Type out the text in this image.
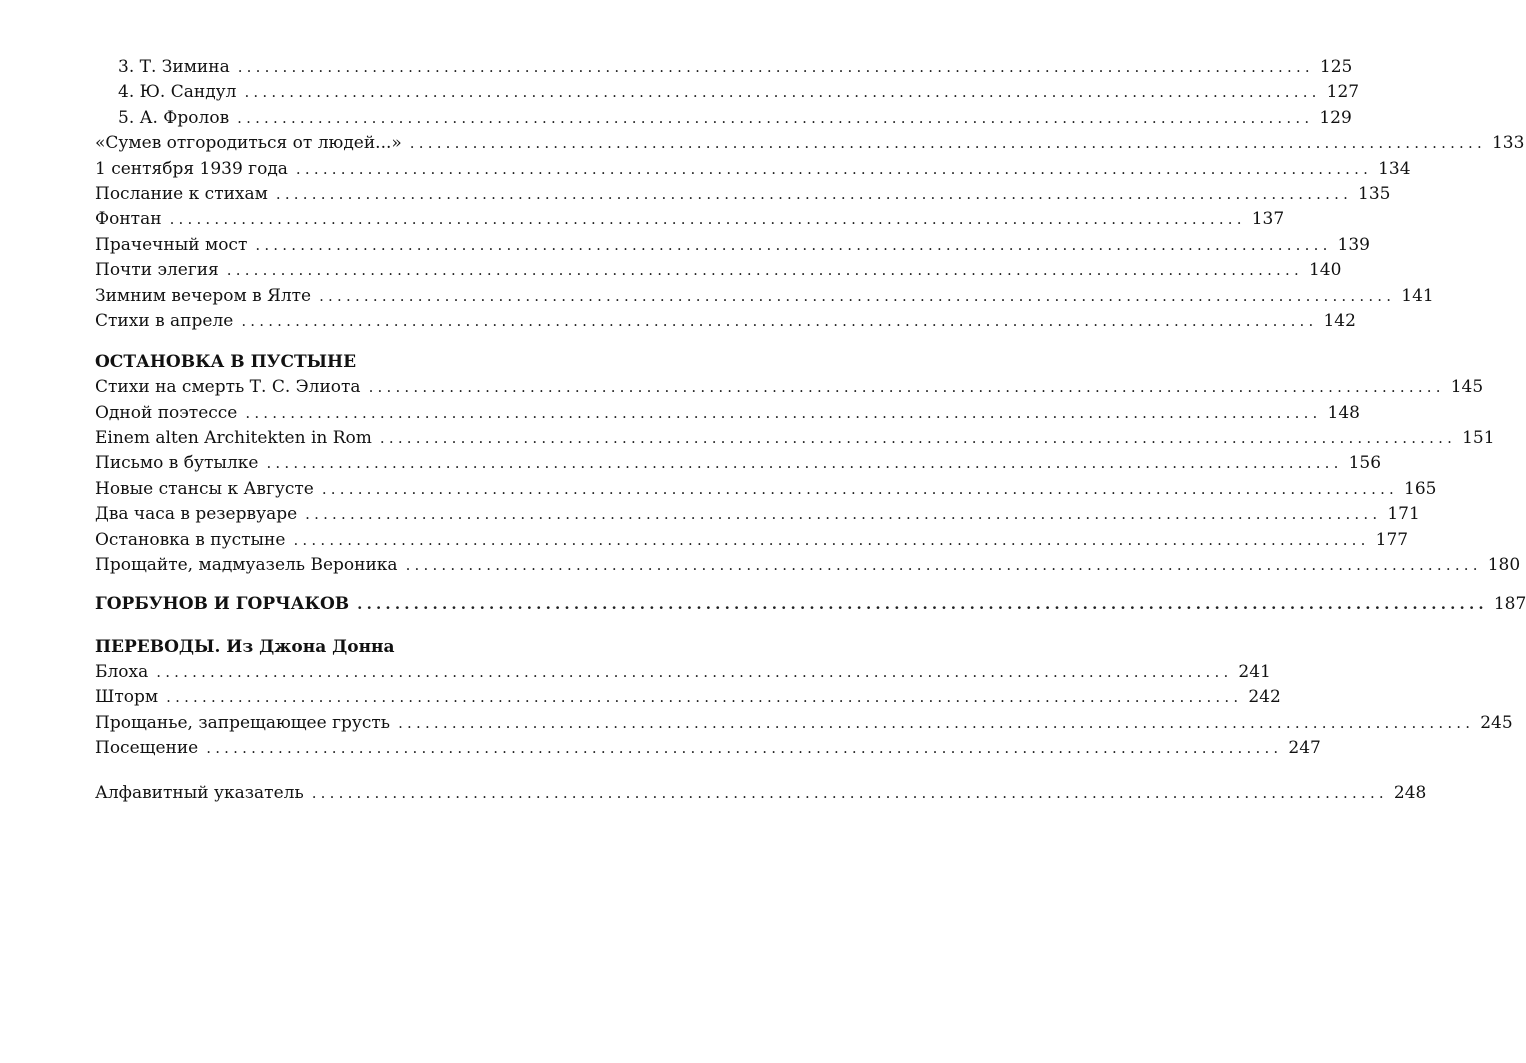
3. Т. Зимина ........................................................................................................................ 125
4. Ю. Сандул ........................................................................................................................ 127
5. А. Фролов ........................................................................................................................ 129
«Сумев отгородиться от людей...» ........................................................................................................................ 133
1 сентября 1939 года ........................................................................................................................ 134
Послание к стихам ........................................................................................................................ 135
Фонтан ........................................................................................................................ 137
Прачечный мост ........................................................................................................................ 139
Почти элегия ........................................................................................................................ 140
Зимним вечером в Ялте ........................................................................................................................ 141
Стихи в апреле ........................................................................................................................ 142
ОСТАНОВКА В ПУСТЫНЕ
Стихи на смерть Т. С. Элиота ........................................................................................................................ 145
Одной поэтессе ........................................................................................................................ 148
Einem alten Architekten in Rom ........................................................................................................................ 151
Письмо в бутылке ........................................................................................................................ 156
Новые стансы к Августе ........................................................................................................................ 165
Два часа в резервуаре ........................................................................................................................ 171
Остановка в пустыне ........................................................................................................................ 177
Прощайте, мадмуазель Вероника ........................................................................................................................ 180
ГОРБУНОВ И ГОРЧАКОВ ........................................................................................................................ 187
ПЕРЕВОДЫ. Из Джона Донна
Блоха ........................................................................................................................ 241
Шторм ........................................................................................................................ 242
Прощанье, запрещающее грусть ........................................................................................................................ 245
Посещение ........................................................................................................................ 247
Алфавитный указатель ........................................................................................................................ 248
